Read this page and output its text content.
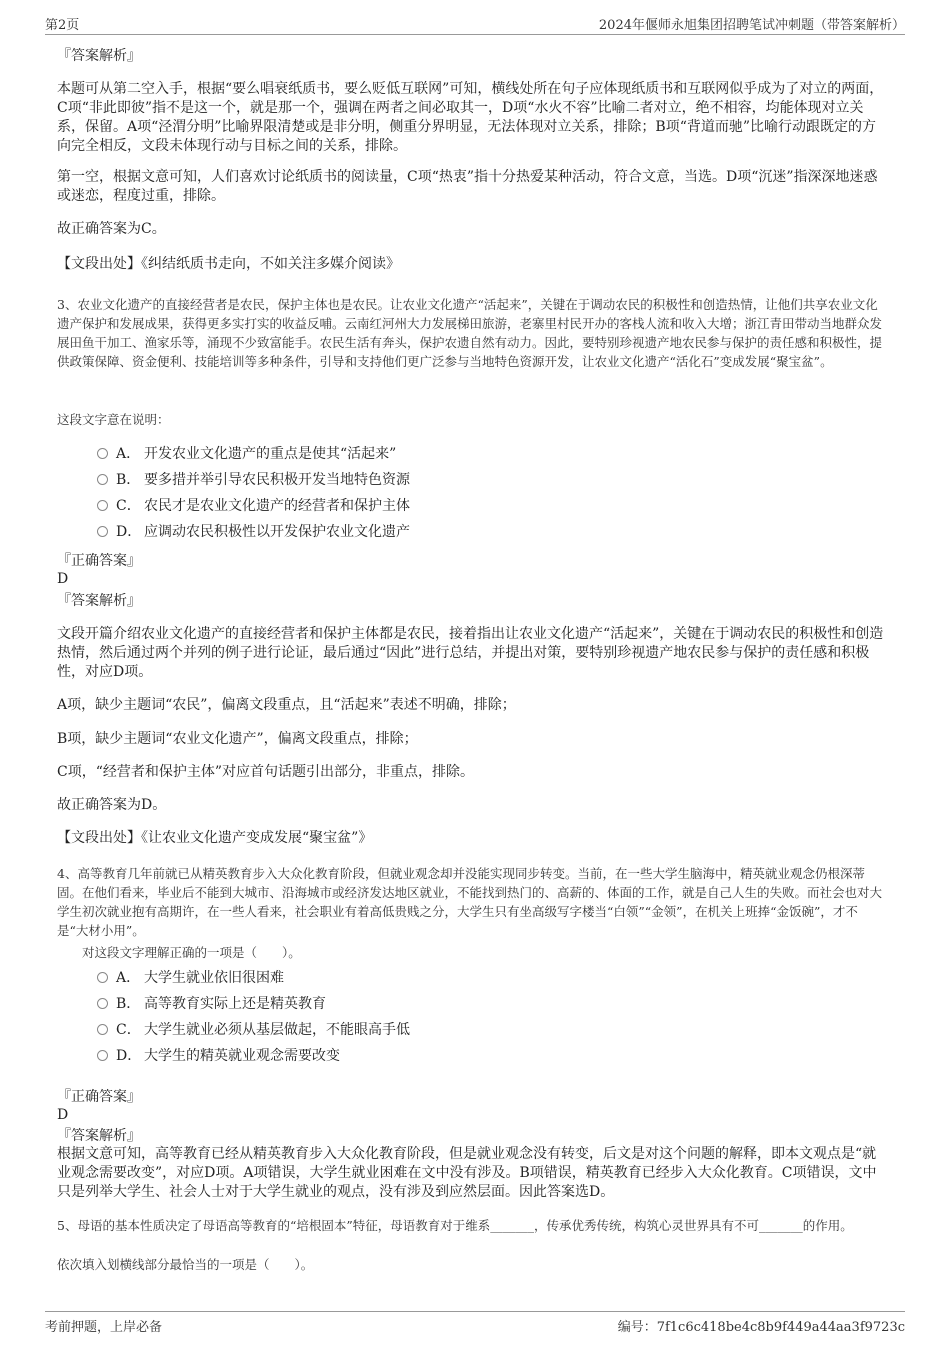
第2页	2024年偃师永旭集团招聘笔试冲刺题（带答案解析）
『答案解析』
本题可从第二空入手，根据“要么唱衰纸质书，要么贬低互联网”可知，横线处所在句子应体现纸质书和互联网似乎成为了对立的两面，C项“非此即彼”指不是这一个，就是那一个，强调在两者之间必取其一，D项“水火不容”比喻二者对立，绝不相容，均能体现对立关系，保留。A项“泾渭分明”比喻界限清楚或是非分明，侧重分界明显，无法体现对立关系，排除；B项“背道而驰”比喻行动跟既定的方向完全相反，文段未体现行动与目标之间的关系，排除。
第一空，根据文意可知，人们喜欢讨论纸质书的阅读量，C项“热衷”指十分热爱某种活动，符合文意，当选。D项“沉迷”指深深地迷惑或迷恋，程度过重，排除。
故正确答案为C。
【文段出处】《纠结纸质书走向，不如关注多媒介阅读》
3、农业文化遗产的直接经营者是农民，保护主体也是农民。让农业文化遗产“活起来”，关键在于调动农民的积极性和创造热情，让他们共享农业文化遗产保护和发展成果，获得更多实打实的收益反哺。云南红河州大力发展梯田旅游，老寨里村民开办的客栈人流和收入大增；浙江青田带动当地群众发展田鱼干加工、渔家乐等，涌现不少致富能手。农民生活有奔头，保护农遗自然有动力。因此，要特别珍视遗产地农民参与保护的责任感和积极性，提供政策保障、资金便利、技能培训等多种条件，引导和支持他们更广泛参与当地特色资源开发，让农业文化遗产“活化石”变成发展“聚宝盆”。
这段文字意在说明：
A． 开发农业文化遗产的重点是使其“活起来”
B． 要多措并举引导农民积极开发当地特色资源
C． 农民才是农业文化遗产的经营者和保护主体
D． 应调动农民积极性以开发保护农业文化遗产
『正确答案』
D
『答案解析』
文段开篇介绍农业文化遗产的直接经营者和保护主体都是农民，接着指出让农业文化遗产“活起来”，关键在于调动农民的积极性和创造热情，然后通过两个并列的例子进行论证，最后通过“因此”进行总结，并提出对策，要特别珍视遗产地农民参与保护的责任感和积极性，对应D项。
A项，缺少主题词“农民”，偏离文段重点，且“活起来”表述不明确，排除；
B项，缺少主题词“农业文化遗产”，偏离文段重点，排除；
C项，“经营者和保护主体”对应首句话题引出部分，非重点，排除。
故正确答案为D。
【文段出处】《让农业文化遗产变成发展“聚宝盆”》
4、高等教育几年前就已从精英教育步入大众化教育阶段，但就业观念却并没能实现同步转变。当前，在一些大学生脑海中，精英就业观念仍根深蒂固。在他们看来，毕业后不能到大城市、沿海城市或经济发达地区就业，不能找到热门的、高薪的、体面的工作，就是自己人生的失败。而社会也对大学生初次就业抱有高期许，在一些人看来，社会职业有着高低贵贱之分，大学生只有坐高级写字楼当“白领”“金领”，在机关上班捧“金饭碗”，才不是“大材小用”。
对这段文字理解正确的一项是（　　）。
A． 大学生就业依旧很困难
B． 高等教育实际上还是精英教育
C． 大学生就业必须从基层做起，不能眼高手低
D． 大学生的精英就业观念需要改变
『正确答案』
D
『答案解析』
根据文意可知，高等教育已经从精英教育步入大众化教育阶段，但是就业观念没有转变，后文是对这个问题的解释，即本文观点是“就业观念需要改变”，对应D项。A项错误，大学生就业困难在文中没有涉及。B项错误，精英教育已经步入大众化教育。C项错误，文中只是列举大学生、社会人士对于大学生就业的观点，没有涉及到应然层面。因此答案选D。
5、母语的基本性质决定了母语高等教育的“培根固本”特征，母语教育对于维系_______，传承优秀传统，构筑心灵世界具有不可_______的作用。
依次填入划横线部分最恰当的一项是（　　）。
考前押题，上岸必备	编号：7f1c6c418be4c8b9f449a44aa3f9723c
